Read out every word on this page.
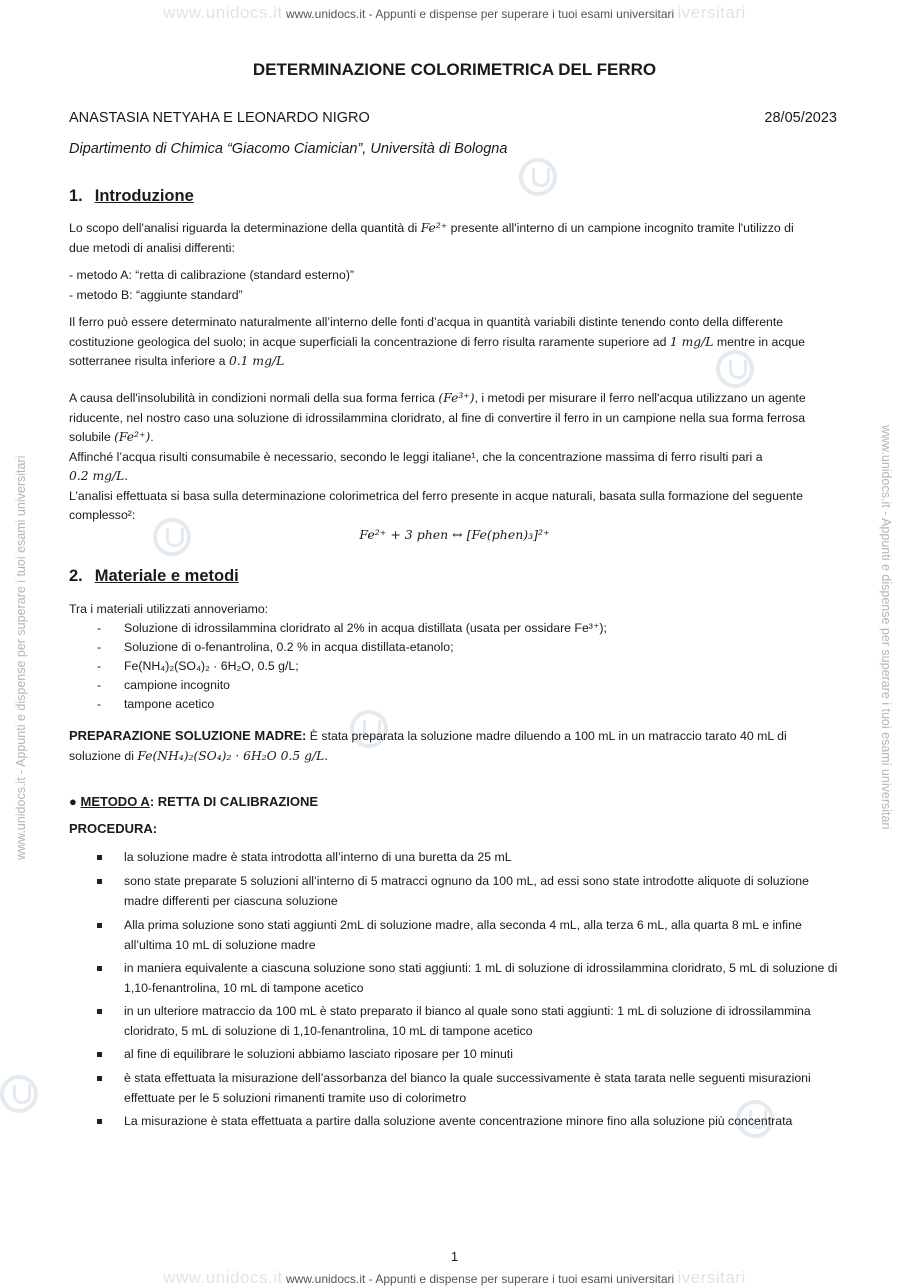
www.unidocs.it www.unidocs.it - Appunti e dispense per superare i tuoi esami universitari iversitari
www.unidocs.it www.unidocs.it - Appunti e dispense per superare i tuoi esami universitari iversitari
www.unidocs.it - Appunti e dispense per superare i tuoi esami universitari	www.unidocs.it - Appunti e dispense per superare i tuoi esami universitari
DETERMINAZIONE COLORIMETRICA DEL FERRO
ANASTASIA NETYAHA E LEONARDO NIGRO	28/05/2023
Dipartimento di Chimica “Giacomo Ciamician”, Università di Bologna
1. Introduzione
Lo scopo dell'analisi riguarda la determinazione della quantità di Fe²⁺ presente all'interno di un campione incognito tramite l'utilizzo di
due metodi di analisi differenti:
- metodo A: “retta di calibrazione (standard esterno)”
- metodo B: “aggiunte standard”
Il ferro può essere determinato naturalmente all’interno delle fonti d’acqua in quantità variabili distinte tenendo conto della differente
costituzione geologica del suolo; in acque superficiali la concentrazione di ferro risulta raramente superiore ad 1 mg/L mentre in acque
sotterranee risulta inferiore a 0.1 mg/L
A causa dell'insolubilità in condizioni normali della sua forma ferrica (Fe³⁺), i metodi per misurare il ferro nell'acqua utilizzano un agente
riducente, nel nostro caso una soluzione di idrossilammina cloridrato, al fine di convertire il ferro in un campione nella sua forma ferrosa
solubile (Fe²⁺).
Affinché l’acqua risulti consumabile è necessario, secondo le leggi italiane¹, che la concentrazione massima di ferro risulti pari a
0.2 mg/L.
L’analisi effettuata si basa sulla determinazione colorimetrica del ferro presente in acque naturali, basata sulla formazione del seguente
complesso²:
Fe²⁺ + 3 phen ↔ [Fe(phen)₃]²⁺
2. Materiale e metodi
Tra i materiali utilizzati annoveriamo:
- Soluzione di idrossilammina cloridrato al 2% in acqua distillata (usata per ossidare Fe³⁺);
- Soluzione di o-fenantrolina, 0.2 % in acqua distillata-etanolo;
- Fe(NH₄)₂(SO₄)₂ · 6H₂O, 0.5 g/L;
- campione incognito
- tampone acetico
PREPARAZIONE SOLUZIONE MADRE: È stata preparata la soluzione madre diluendo a 100 mL in un matraccio tarato 40 mL di
soluzione di Fe(NH₄)₂(SO₄)₂ · 6H₂O 0.5 g/L.
● METODO A: RETTA DI CALIBRAZIONE
PROCEDURA:
la soluzione madre è stata introdotta all’interno di una buretta da 25 mL
sono state preparate 5 soluzioni all’interno di 5 matracci ognuno da 100 mL, ad essi sono state introdotte aliquote di soluzione madre differenti per ciascuna soluzione
Alla prima soluzione sono stati aggiunti 2mL di soluzione madre, alla seconda 4 mL, alla terza 6 mL, alla quarta 8 mL e infine all’ultima 10 mL di soluzione madre
in maniera equivalente a ciascuna soluzione sono stati aggiunti: 1 mL di soluzione di idrossilammina cloridrato, 5 mL di soluzione di 1,10-fenantrolina, 10 mL di tampone acetico
in un ulteriore matraccio da 100 mL è stato preparato il bianco al quale sono stati aggiunti: 1 mL di soluzione di idrossilammina cloridrato, 5 mL di soluzione di 1,10-fenantrolina, 10 mL di tampone acetico
al fine di equilibrare le soluzioni abbiamo lasciato riposare per 10 minuti
è stata effettuata la misurazione dell’assorbanza del bianco la quale successivamente è stata tarata nelle seguenti misurazioni effettuate per le 5 soluzioni rimanenti tramite uso di colorimetro
La misurazione è stata effettuata a partire dalla soluzione avente concentrazione minore fino alla soluzione più concentrata
1
